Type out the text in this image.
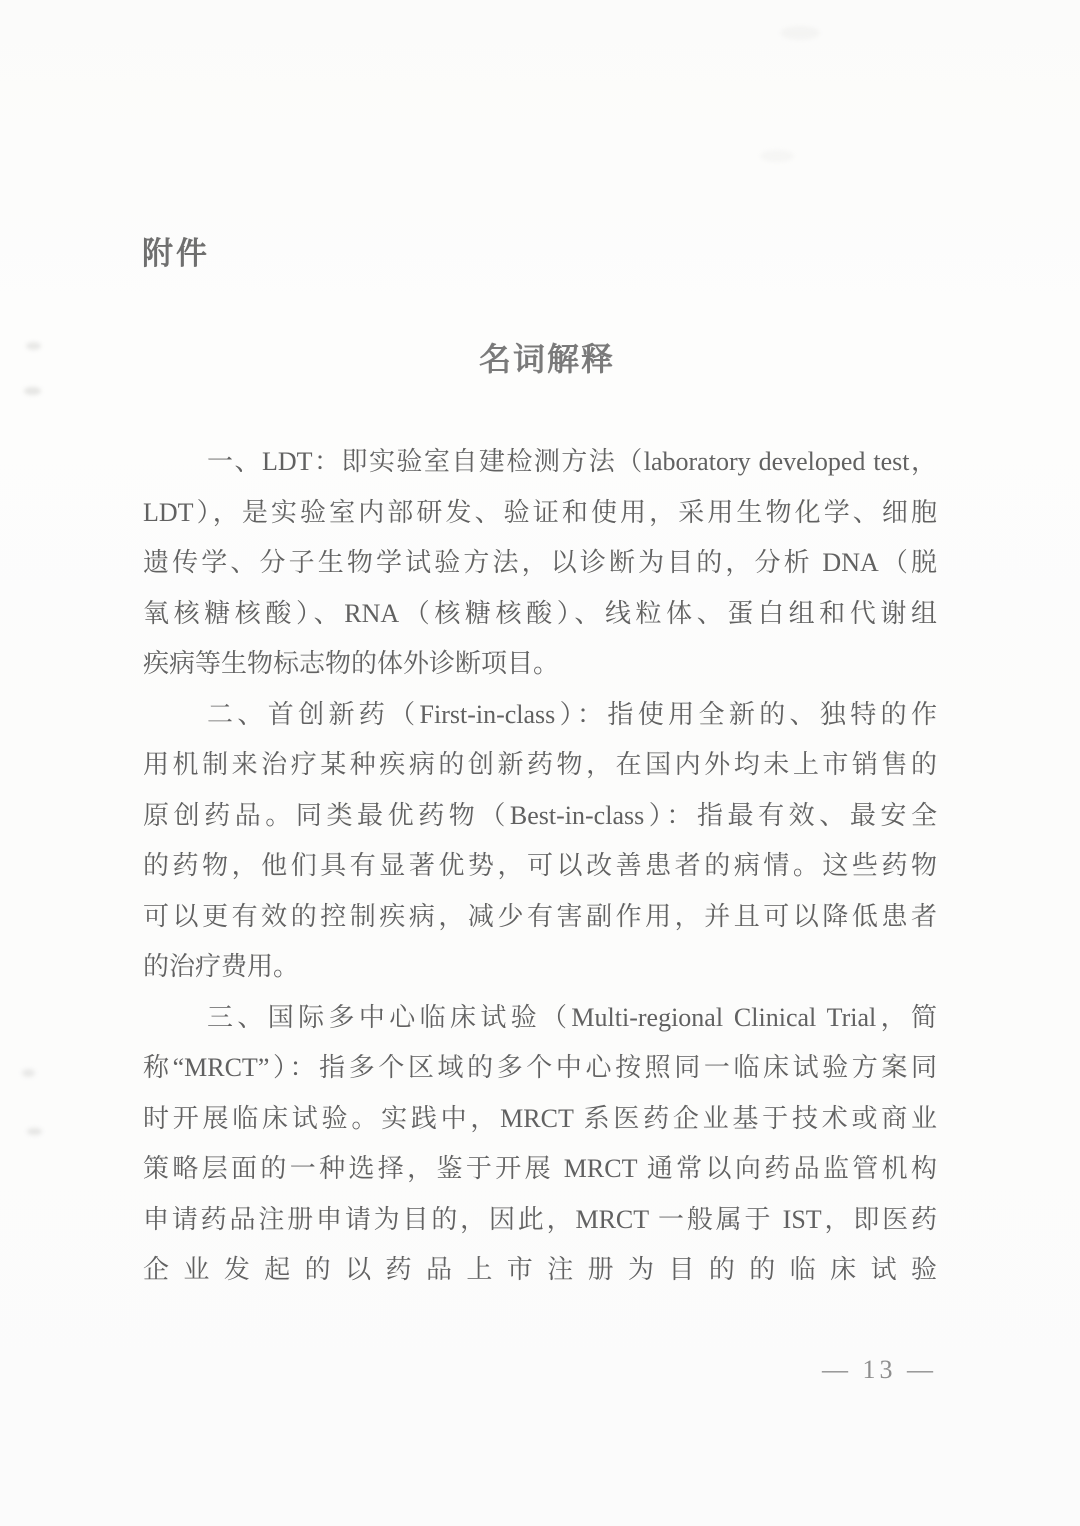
附件
名词解释
一、LDT：即实验室自建检测方法（laboratory developed test，
LDT），是实验室内部研发、验证和使用，采用生物化学、细胞
遗传学、分子生物学试验方法，以诊断为目的，分析 DNA（脱
氧核糖核酸）、RNA（核糖核酸）、线粒体、蛋白组和代谢组
疾病等生物标志物的体外诊断项目。
二、首创新药（First-in-class）：指使用全新的、独特的作
用机制来治疗某种疾病的创新药物，在国内外均未上市销售的
原创药品。同类最优药物（Best-in-class）：指最有效、最安全
的药物，他们具有显著优势，可以改善患者的病情。这些药物
可以更有效的控制疾病，减少有害副作用，并且可以降低患者
的治疗费用。
三、国际多中心临床试验（Multi-regional Clinical Trial，简
称“MRCT”）：指多个区域的多个中心按照同一临床试验方案同
时开展临床试验。实践中，MRCT 系医药企业基于技术或商业
策略层面的一种选择，鉴于开展 MRCT 通常以向药品监管机构
申请药品注册申请为目的，因此，MRCT 一般属于 IST，即医药
企业发起的以药品上市注册为目的的临床试验
— 13 —
